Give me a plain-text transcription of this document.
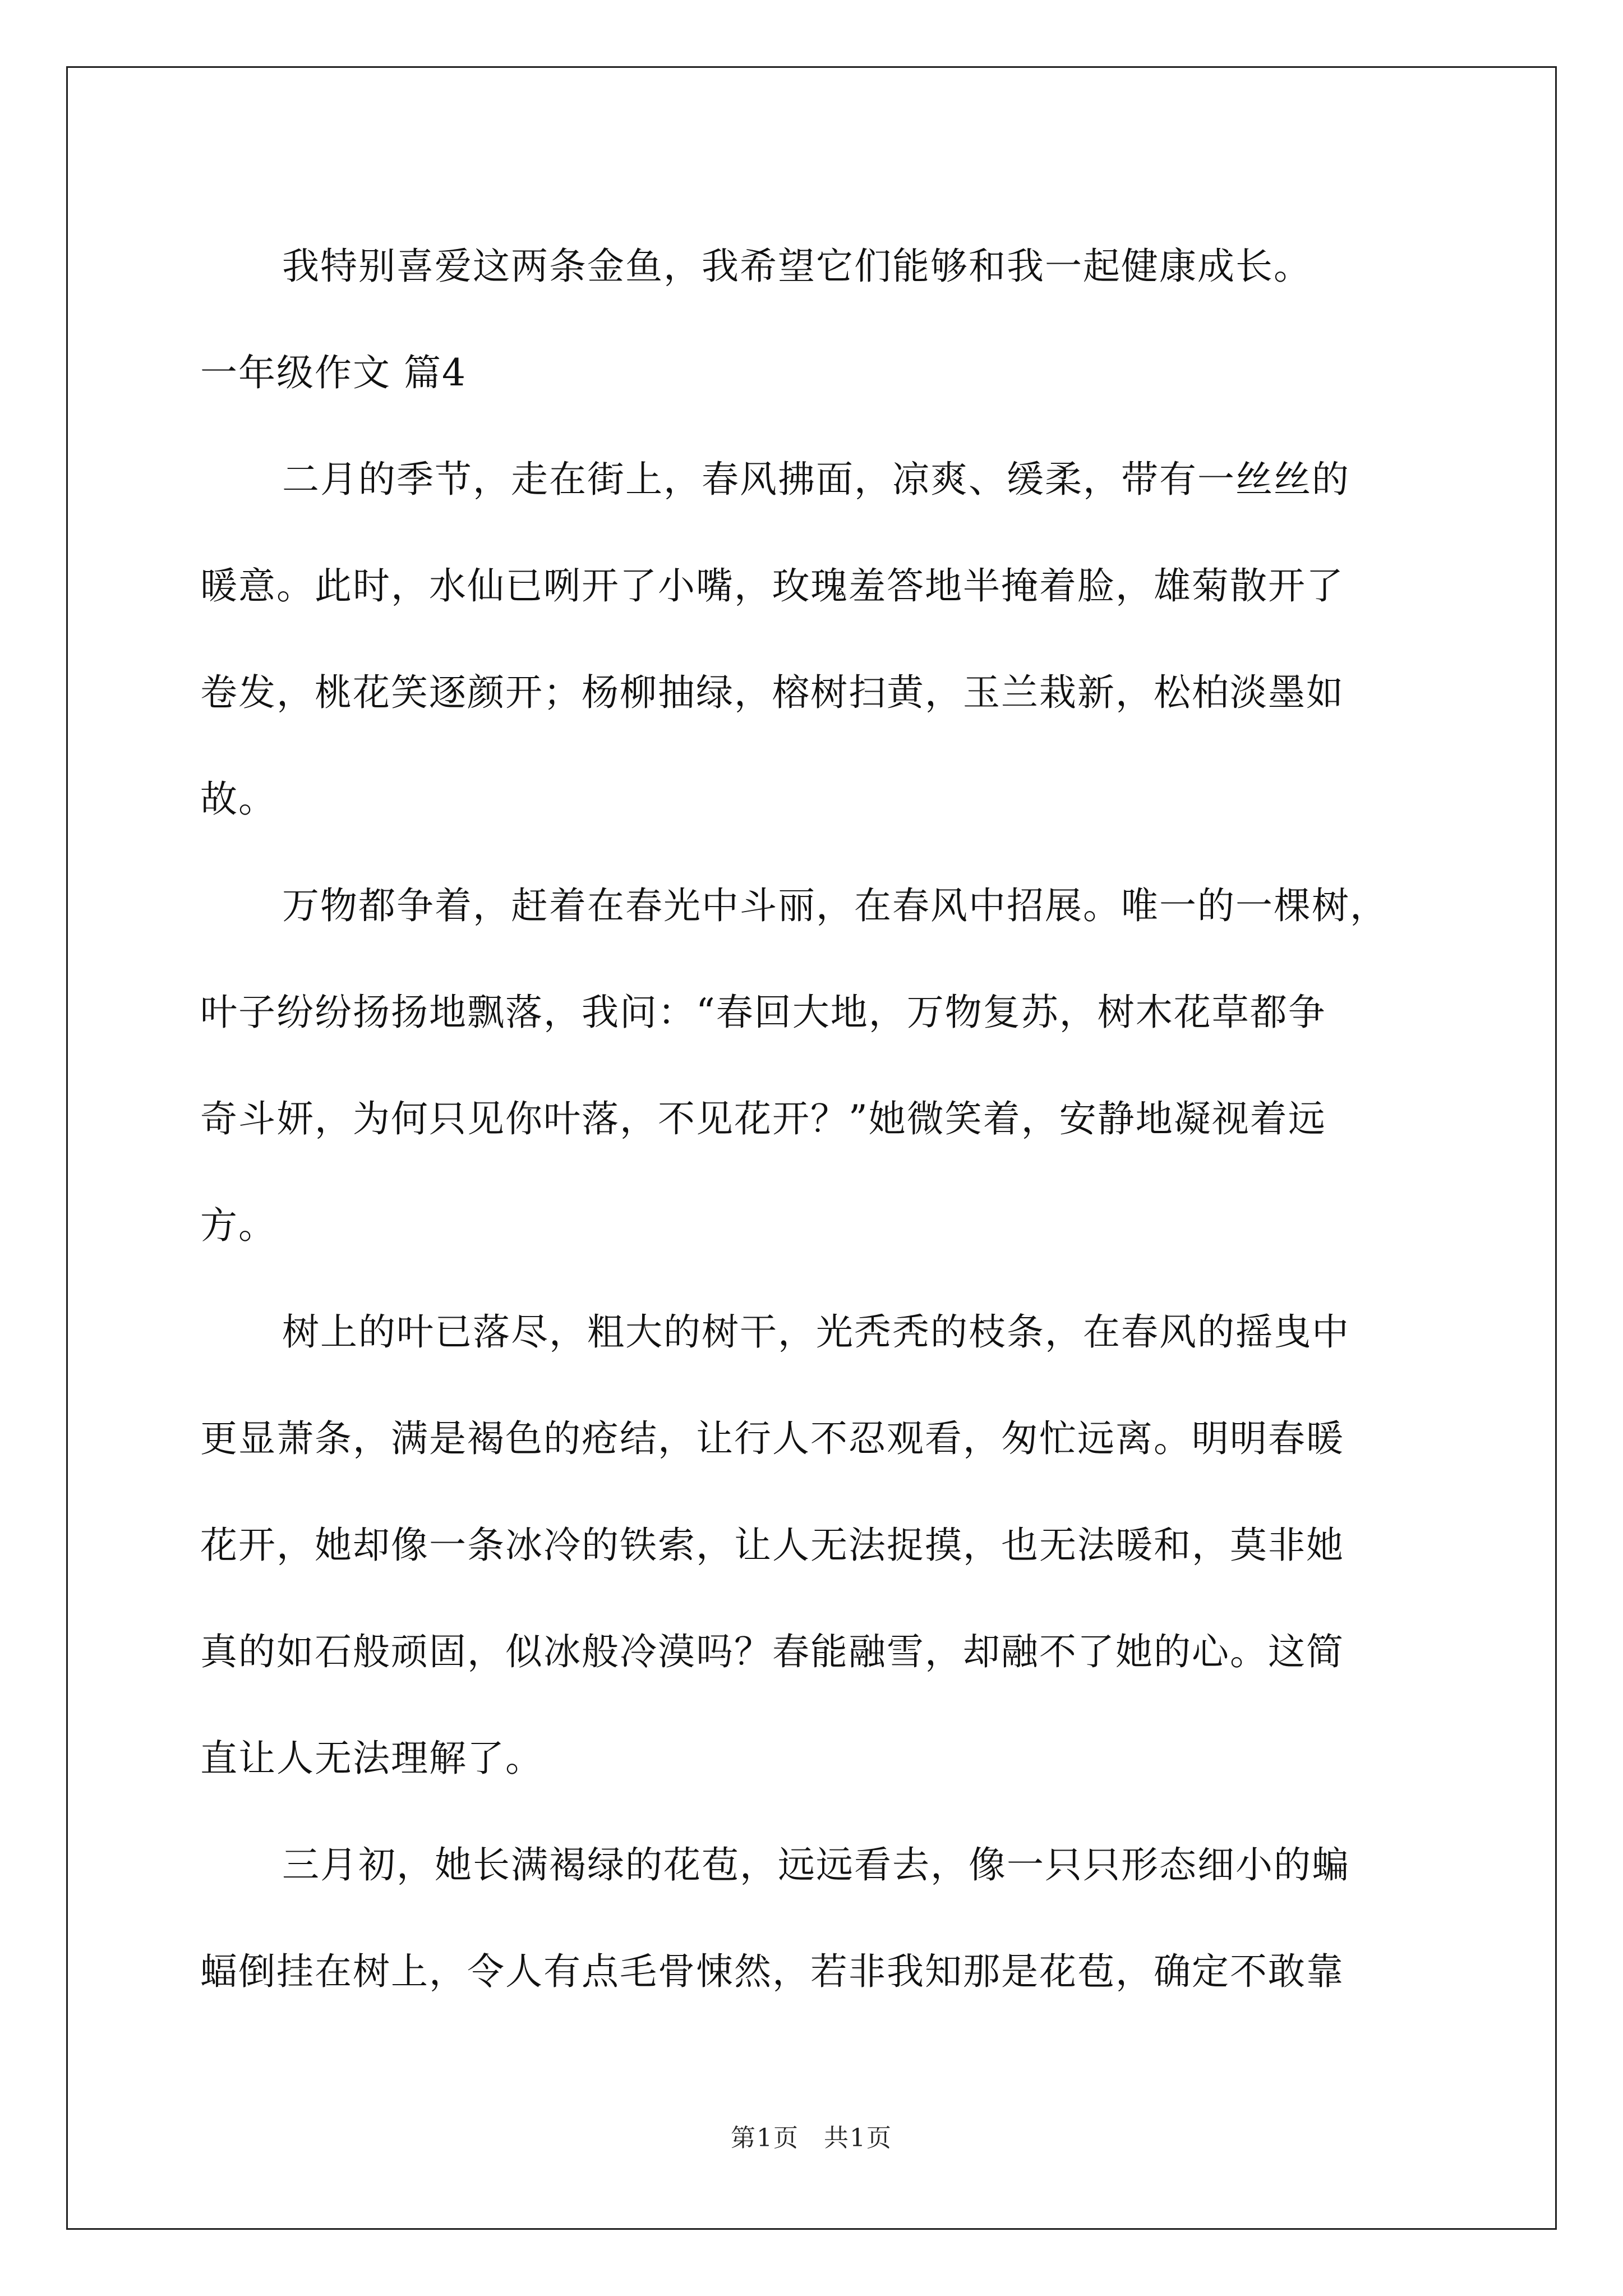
我特别喜爱这两条金鱼，我希望它们能够和我一起健康成长。

一年级作文 篇4

二月的季节，走在街上，春风拂面，凉爽、缓柔，带有一丝丝的
暖意。此时，水仙已咧开了小嘴，玫瑰羞答地半掩着脸，雄菊散开了
卷发，桃花笑逐颜开；杨柳抽绿，榕树扫黄，玉兰栽新，松柏淡墨如
故。

万物都争着，赶着在春光中斗丽，在春风中招展。唯一的一棵树，
叶子纷纷扬扬地飘落，我问：“春回大地，万物复苏，树木花草都争
奇斗妍，为何只见你叶落，不见花开？”她微笑着，安静地凝视着远
方。

树上的叶已落尽，粗大的树干，光秃秃的枝条，在春风的摇曳中
更显萧条，满是褐色的疮结，让行人不忍观看，匆忙远离。明明春暖
花开，她却像一条冰冷的铁索，让人无法捉摸，也无法暖和，莫非她
真的如石般顽固，似冰般冷漠吗？春能融雪，却融不了她的心。这简
直让人无法理解了。

三月初，她长满褐绿的花苞，远远看去，像一只只形态细小的蝙
蝠倒挂在树上，令人有点毛骨悚然，若非我知那是花苞，确定不敢靠

第1页 共1页
